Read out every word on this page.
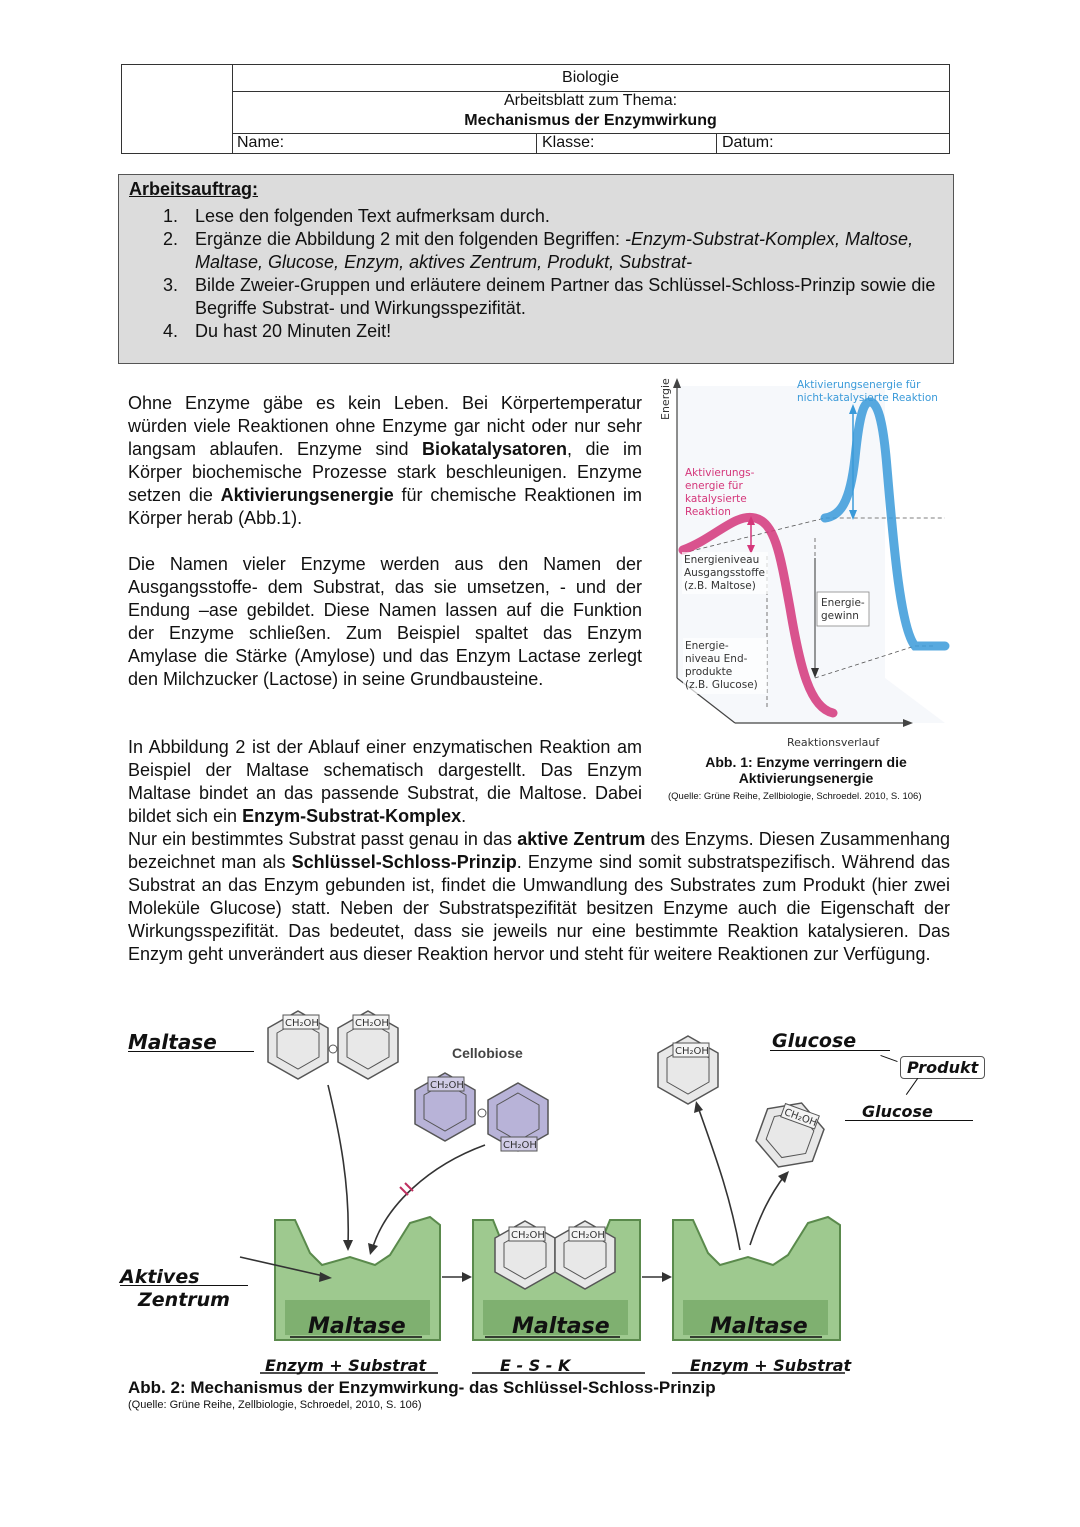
Biologie
Arbeitsblatt zum Thema:
Mechanismus der Enzymwirkung
Name:	Klasse:	Datum:
Arbeitsauftrag:
1. Lese den folgenden Text aufmerksam durch.
2. Ergänze die Abbildung 2 mit den folgenden Begriffen: -Enzym-Substrat-Komplex, Maltose, Maltase, Glucose, Enzym, aktives Zentrum, Produkt, Substrat-
3. Bilde Zweier-Gruppen und erläutere deinem Partner das Schlüssel-Schloss-Prinzip sowie die Begriffe Substrat- und Wirkungsspezifität.
4. Du hast 20 Minuten Zeit!
Ohne Enzyme gäbe es kein Leben. Bei Körpertemperatur würden viele Reaktionen ohne Enzyme gar nicht oder nur sehr langsam ablaufen. Enzyme sind Biokatalysatoren, die im Körper biochemische Prozesse stark beschleunigen. Enzyme setzen die Aktivierungsenergie für chemische Reaktionen im Körper herab (Abb.1).
Die Namen vieler Enzyme werden aus den Namen der Ausgangsstoffe- dem Substrat, das sie umsetzen, - und der Endung –ase gebildet. Diese Namen lassen auf die Funktion der Enzyme schließen. Zum Beispiel spaltet das Enzym Amylase die Stärke (Amylose) und das Enzym Lactase zerlegt den Milchzucker (Lactose) in seine Grundbausteine.
In Abbildung 2 ist der Ablauf einer enzymatischen Reaktion am Beispiel der Maltase schematisch dargestellt. Das Enzym Maltase bindet an das passende Substrat, die Maltose. Dabei bildet sich ein Enzym-Substrat-Komplex.
Nur ein bestimmtes Substrat passt genau in das aktive Zentrum des Enzyms. Diesen Zusammenhang bezeichnet man als Schlüssel-Schloss-Prinzip. Enzyme sind somit substratspezifisch. Während das Substrat an das Enzym gebunden ist, findet die Umwandlung des Substrates zum Produkt (hier zwei Moleküle Glucose) statt. Neben der Substratspezifität besitzen Enzyme auch die Eigenschaft der Wirkungsspezifität. Das bedeutet, dass sie jeweils nur eine bestimmte Reaktion katalysieren. Das Enzym geht unverändert aus dieser Reaktion hervor und steht für weitere Reaktionen zur Verfügung.
Energie
Reaktionsverlauf
Aktivierungsenergie für
nicht-katalysierte Reaktion
Aktivierungs-
energie für
katalysierte
Reaktion
Energieniveau
Ausgangsstoffe
(z.B. Maltose)
Energie-
gewinn
Energie-
niveau End-
produkte
(z.B. Glucose)
Abb. 1: Enzyme verringern die
Aktivierungsenergie
(Quelle: Grüne Reihe, Zellbiologie, Schroedel. 2010, S. 106)
CH₂OH	CH₂OH
Cellobiose
CH₂OH
CH₂OH
CH₂OH
CH₂OH
CH₂OH	CH₂OH
Maltase	Maltase	Maltase
Enzym + Substrat	E - S - K	Enzym + Substrat
Maltase
Aktives
Zentrum
Glucose
Produkt
Glucose
Abb. 2: Mechanismus der Enzymwirkung- das Schlüssel-Schloss-Prinzip
(Quelle: Grüne Reihe, Zellbiologie, Schroedel, 2010, S. 106)
